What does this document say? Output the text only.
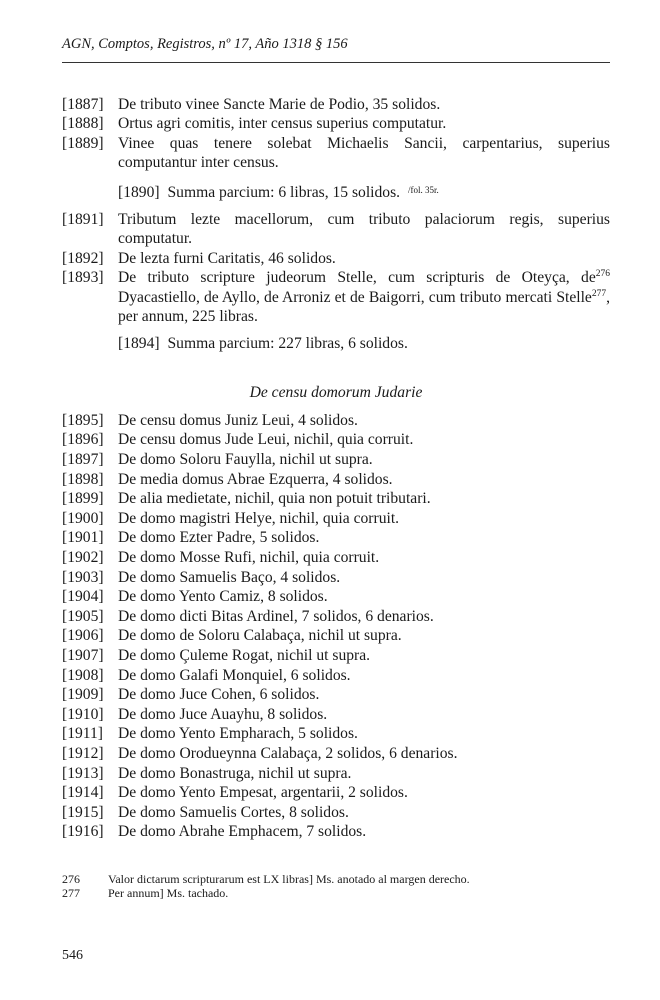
AGN, Comptos, Registros, nº 17, Año 1318 § 156
[1887] De tributo vinee Sancte Marie de Podio, 35 solidos.
[1888] Ortus agri comitis, inter census superius computatur.
[1889] Vinee quas tenere solebat Michaelis Sancii, carpentarius, superius computantur inter census.
[1890] Summa parcium: 6 libras, 15 solidos. $^{/fol. 35r.}$
[1891] Tributum lezte macellorum, cum tributo palaciorum regis, superius computatur.
[1892] De lezta furni Caritatis, 46 solidos.
[1893] De tributo scripture judeorum Stelle, cum scripturis de Oteyça, $de^{276}$ Dyacastiello, de Ayllo, de Arroniz et de Baigorri, cum tributo mercati Stelle$^{277}$, per annum, 225 libras.
[1894] Summa parcium: 227 libras, 6 solidos.
De censu domorum Judarie
[1895] De censu domus Juniz Leui, 4 solidos.
[1896] De censu domus Jude Leui, nichil, quia corruit.
[1897] De domo Soloru Fauylla, nichil ut supra.
[1898] De media domus Abrae Ezquerra, 4 solidos.
[1899] De alia medietate, nichil, quia non potuit tributari.
[1900] De domo magistri Helye, nichil, quia corruit.
[1901] De domo Ezter Padre, 5 solidos.
[1902] De domo Mosse Rufi, nichil, quia corruit.
[1903] De domo Samuelis Baço, 4 solidos.
[1904] De domo Yento Camiz, 8 solidos.
[1905] De domo dicti Bitas Ardinel, 7 solidos, 6 denarios.
[1906] De domo de Soloru Calabaça, nichil ut supra.
[1907] De domo Çuleme Rogat, nichil ut supra.
[1908] De domo Galafi Monquiel, 6 solidos.
[1909] De domo Juce Cohen, 6 solidos.
[1910] De domo Juce Auayhu, 8 solidos.
[1911] De domo Yento Empharach, 5 solidos.
[1912] De domo Orodueynna Calabaça, 2 solidos, 6 denarios.
[1913] De domo Bonastruga, nichil ut supra.
[1914] De domo Yento Empesat, argentarii, 2 solidos.
[1915] De domo Samuelis Cortes, 8 solidos.
[1916] De domo Abrahe Emphacem, 7 solidos.
276	Valor dictarum scripturarum est LX libras] Ms. anotado al margen derecho.
277	Per annum] Ms. tachado.
546
